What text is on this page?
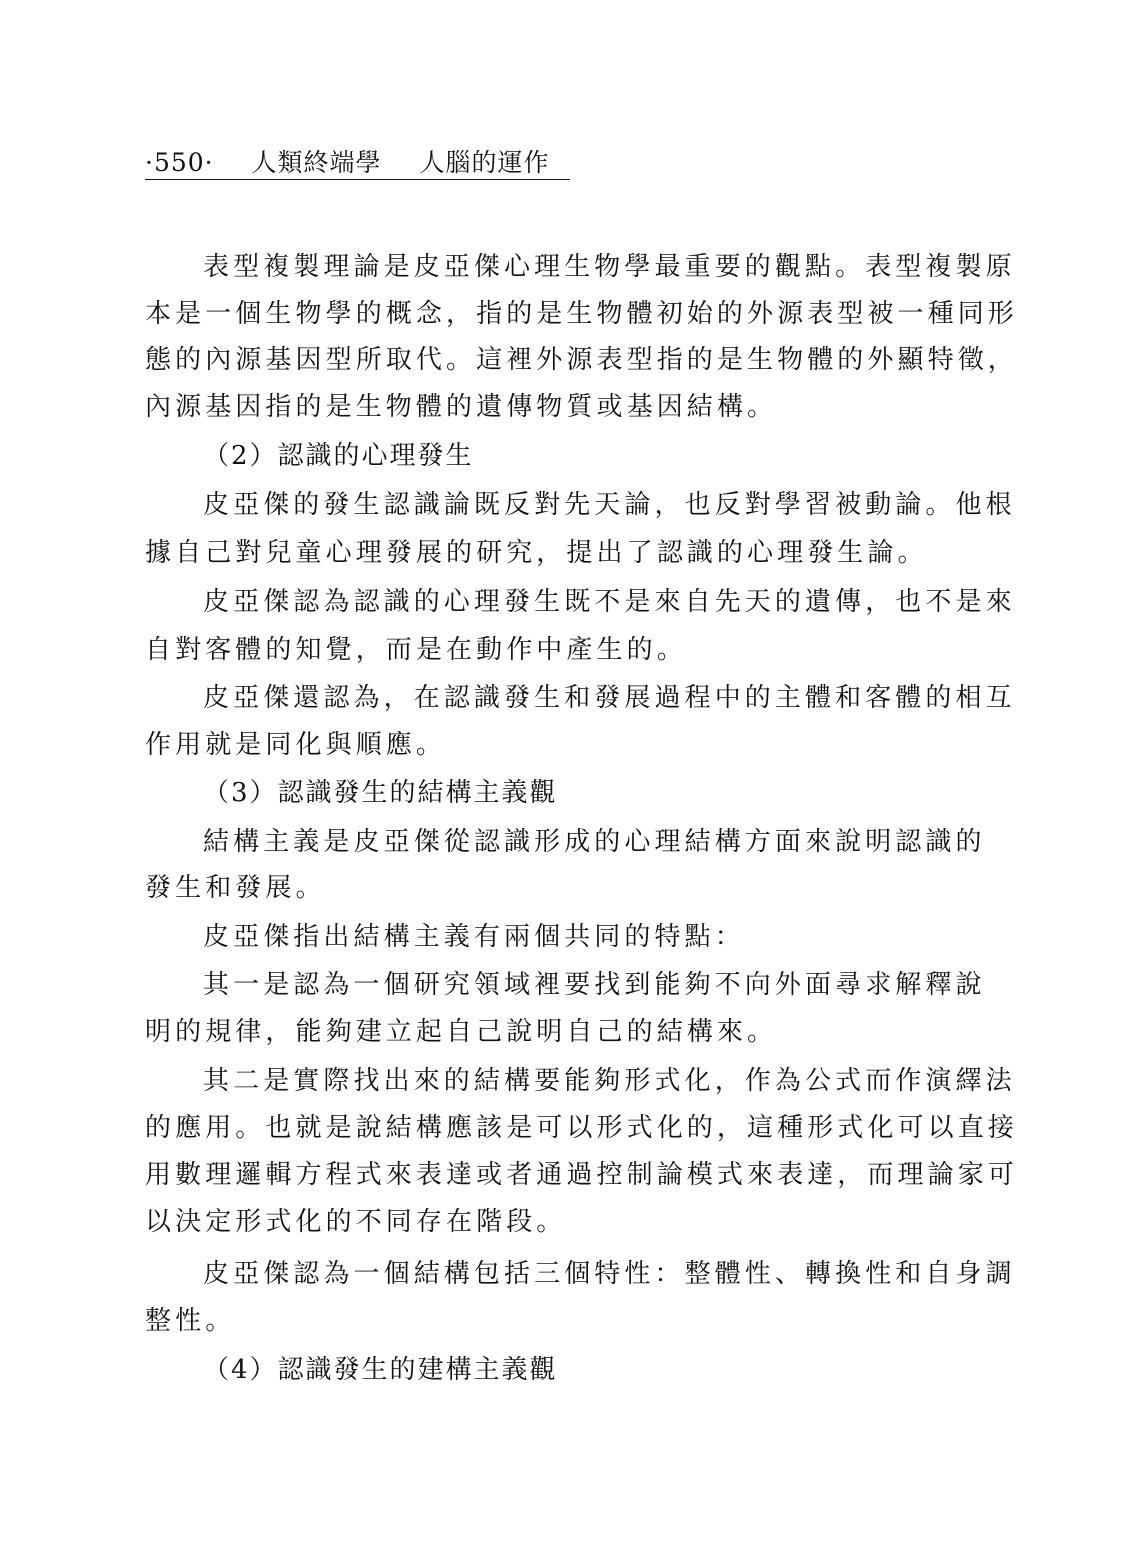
·550· 人類終端學 人腦的運作
表型複製理論是皮亞傑心理生物學最重要的觀點。表型複製原
本是一個生物學的概念，指的是生物體初始的外源表型被一種同形
態的內源基因型所取代。這裡外源表型指的是生物體的外顯特徵，
內源基因指的是生物體的遺傳物質或基因結構。
（2）認識的心理發生
皮亞傑的發生認識論既反對先天論，也反對學習被動論。他根
據自己對兒童心理發展的研究，提出了認識的心理發生論。
皮亞傑認為認識的心理發生既不是來自先天的遺傳，也不是來
自對客體的知覺，而是在動作中產生的。
皮亞傑還認為，在認識發生和發展過程中的主體和客體的相互
作用就是同化與順應。
（3）認識發生的結構主義觀
結構主義是皮亞傑從認識形成的心理結構方面來說明認識的
發生和發展。
皮亞傑指出結構主義有兩個共同的特點：
其一是認為一個研究領域裡要找到能夠不向外面尋求解釋說
明的規律，能夠建立起自己說明自己的結構來。
其二是實際找出來的結構要能夠形式化，作為公式而作演繹法
的應用。也就是說結構應該是可以形式化的，這種形式化可以直接
用數理邏輯方程式來表達或者通過控制論模式來表達，而理論家可
以決定形式化的不同存在階段。
皮亞傑認為一個結構包括三個特性：整體性、轉換性和自身調
整性。
（4）認識發生的建構主義觀
